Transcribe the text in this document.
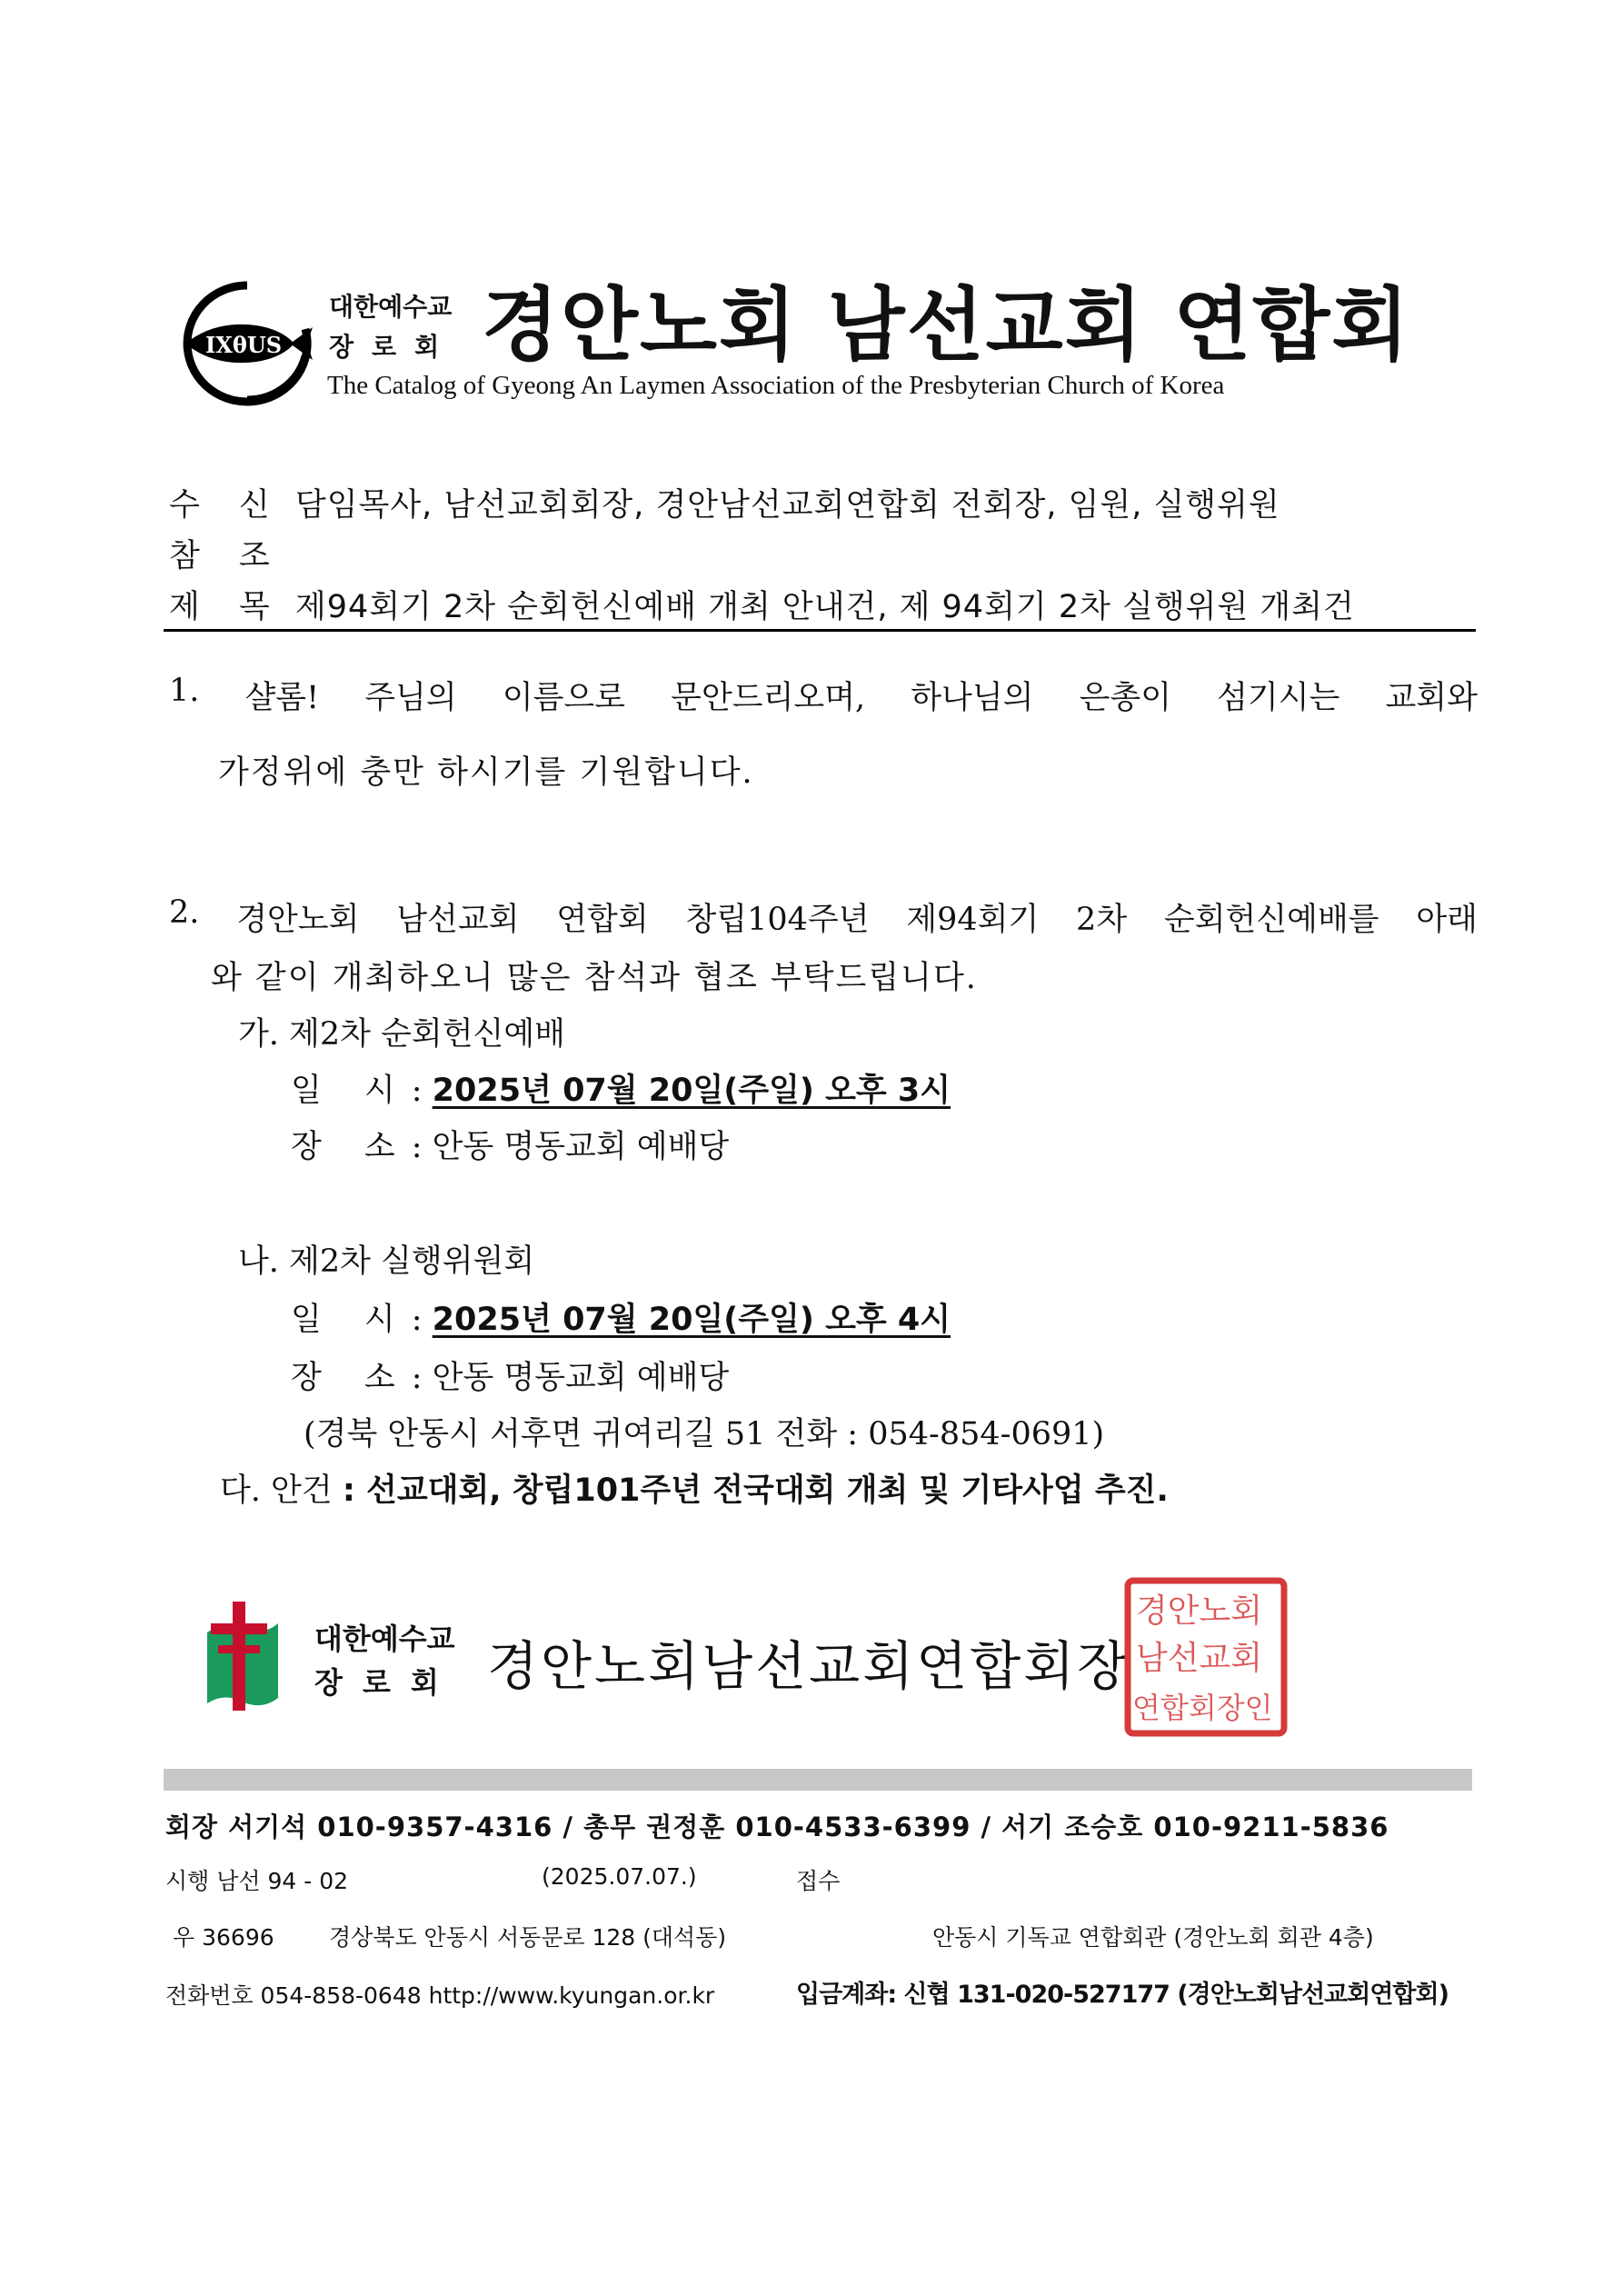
IXθUS
대한예수교
장로회 경안노회 남선교회 연합회
The Catalog of Gyeong An Laymen Association of the Presbyterian Church of Korea
수 신 담임목사, 남선교회회장, 경안남선교회연합회 전회장, 임원, 실행위원
참 조
제 목 제94회기 2차 순회헌신예배 개최 안내건, 제 94회기 2차 실행위원 개최건
1. 샬롬! 주님의 이름으로 문안드리오며, 하나님의 은총이 섬기시는 교회와
가정위에 충만 하시기를 기원합니다.
2. 경안노회 남선교회 연합회 창립104주년 제94회기 2차 순회헌신예배를 아래
와 같이 개최하오니 많은 참석과 협조 부탁드립니다.
가. 제2차 순회헌신예배
일 시: 2025년 07월 20일(주일) 오후 3시
장 소: 안동 명동교회 예배당
나. 제2차 실행위원회
일 시: 2025년 07월 20일(주일) 오후 4시
장 소: 안동 명동교회 예배당
(경북 안동시 서후면 귀여리길 51 전화 : 054-854-0691)
다. 안건 : 선교대회, 창립101주년 전국대회 개최 및 기타사업 추진.
대한예수교
장로회 경안노회남선교회연합회장
경안노회
남선교회
연합회장인
회장 서기석 010-9357-4316 / 총무 권정훈 010-4533-6399 / 서기 조승호 010-9211-5836
시행 남선 94 - 02	(2025.07.07.)	접수
우 36696 경상북도 안동시 서동문로 128 (대석동)	안동시 기독교 연합회관 (경안노회 회관 4층)
전화번호 054-858-0648 http://www.kyungan.or.kr	입금계좌: 신협 131-020-527177 (경안노회남선교회연합회)
